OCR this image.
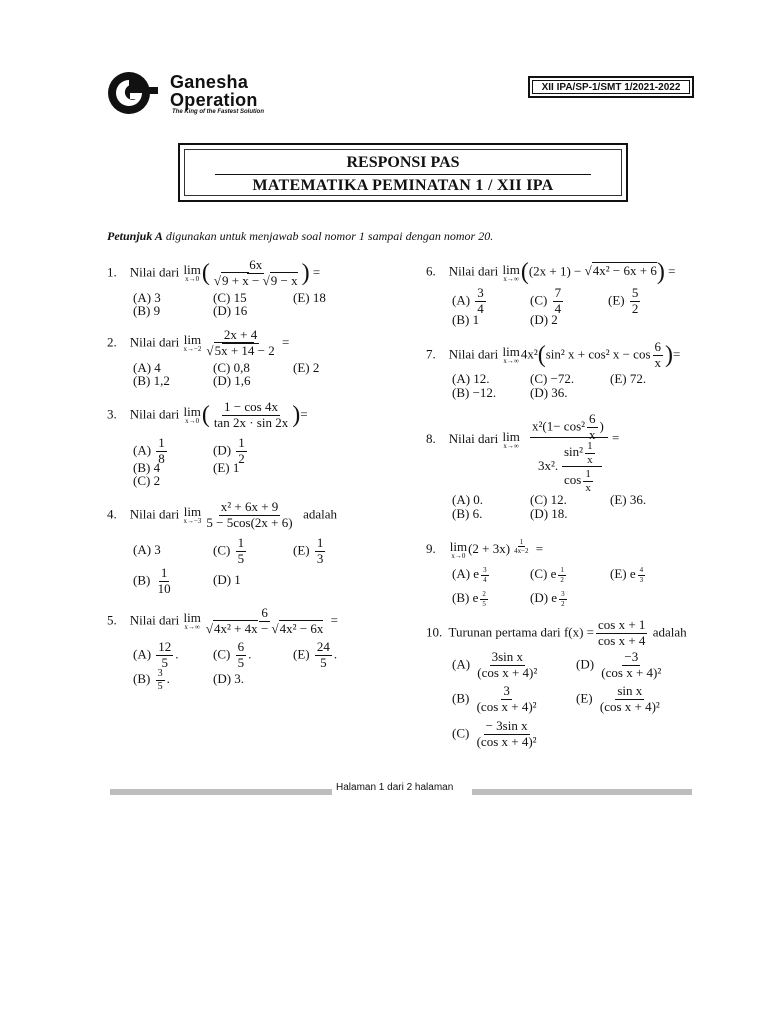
Ganesha
Operation
The King of the Fastest Solution
XII IPA/SP-1/SMT 1/2021-2022
RESPONSI PAS
MATEMATIKA PEMINATAN 1 / XII IPA
Petunjuk A digunakan untuk menjawab soal nomor 1 sampai dengan nomor 20.
1. Nilai dari lim
x→0 ( 6x
√ 9 + x − √ 9 − x ) =
(A) 3	(C) 15	(E) 18
(B) 9	(D) 16
2. Nilai dari lim
x→−2 2x + 4
√ 5x + 14 − 2 =
(A) 4	(C) 0,8	(E) 2
(B) 1,2	(D) 1,6
3. Nilai dari lim
x→0 ( $\frac{1 - \cos 4x}{\tan 2x \cdot \sin 2x}$ )=
$(A) \frac{1}{8}$	$(D) \frac{1}{2}$
(B) 4	(E) 1
(C) 2
4. Nilai dari lim
$x\to-3 \frac{\text{x² + 6x + 9}}{5 - 5\cos(2x + 6)}$ adalah
(A) 3	$(C) \frac{1}{5}$	$(E) \frac{1}{3}$
$(B) \frac{1}{10}$	(D) 1
5. Nilai dari lim
x→∞ 6
√ 4x² + 4x − √ 4x² − 6x =
$(A) \frac{12}{5}$ .	$(C) \frac{6}{5}$ .	$(E) \frac{24}{5}$ .
$(B) \frac{3}{5}$ .	(D) 3.
6. Nilai dari lim
x→∞ ((2x + 1) − √ 4x² − 6x + 6) =
$(A) \frac{3}{4}$	$(C) \frac{7}{4}$	$(E) \frac{5}{2}$
(B) 1	(D) 2
7. Nilai dari lim
x→∞
4x²(sin² x + cos² $x - \cos \frac{6}{x}$ )=
(A) 12.	(C) −72.	(E) 72.
(B) −12.	(D) 36.
8. Nilai dari lim
x→∞
$x^2(1- \cos^2 \frac{6}{x}$ )
=
3x².
$\sin^2 \frac{1}{x}$
$\cos \frac{1}{x}$
(A) 0.	(C) 12.	(E) 36.
(B) 6.	(D) 18.
9. lim
x→0
(2 + 3x) $^{\frac{1}{4x-2}}$ =
(A) e $\frac{3}{4}$	(C) e $\frac{1}{2}$	(E) e $\frac{4}{3}$
(B) e $\frac{2}{5}$	(D) e $\frac{3}{2}$
10. Turunan pertama dari $f(x) = \frac{\text{cos x + 1}}{\text{cos x + 4}}$ adalah
$(A) \frac{\text{3sin x}}{\text{(cos x + 4)²}}$	$(D) \frac{-3}{\text{(cos x + 4)²}}$
$(B) \frac{3}{\text{(cos x + 4)²}}$	$(E) \frac{\text{sin x}}{\text{(cos x + 4)²}}$
$(C) \frac{\text{− 3sin x}}{\text{(cos x + 4)²}}$
Halaman 1 dari 2 halaman
